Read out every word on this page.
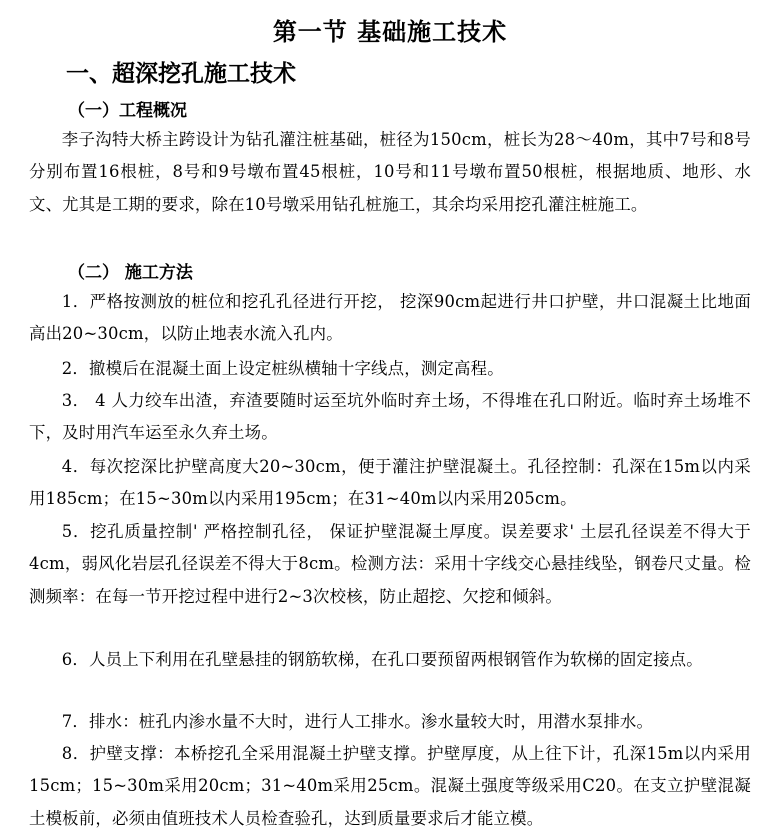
第一节 基础施工技术
一、超深挖孔施工技术
（一）工程概况

李子沟特大桥主跨设计为钻孔灌注桩基础，桩径为150cm，桩长为28～40m，其中7号和8号分别布置16根桩，8号和9号墩布置45根桩，10号和11号墩布置50根桩，根据地质、地形、水文、尤其是工期的要求，除在10号墩采用钻孔桩施工，其余均采用挖孔灌注桩施工。

（二） 施工方法

1．严格按测放的桩位和挖孔孔径进行开挖， 挖深90cm起进行井口护壁，井口混凝土比地面高出20~30cm，以防止地表水流入孔内。

2．撤模后在混凝土面上设定桩纵横轴十字线点，测定高程。

3． 4 人力绞车出渣，弃渣要随时运至坑外临时弃土场，不得堆在孔口附近。临时弃土场堆不下，及时用汽车运至永久弃土场。

4．每次挖深比护壁高度大20~30cm，便于灌注护壁混凝土。孔径控制：孔深在15m以内采用185cm；在15~30m以内采用195cm；在31~40m以内采用205cm。

5．挖孔质量控制' 严格控制孔径， 保证护壁混凝土厚度。误差要求' 土层孔径误差不得大于4cm，弱风化岩层孔径误差不得大于8cm。检测方法：采用十字线交心悬挂线坠，钢卷尺丈量。检测频率：在每一节开挖过程中进行2~3次校核，防止超挖、欠挖和倾斜。

6．人员上下利用在孔壁悬挂的钢筋软梯，在孔口要预留两根钢管作为软梯的固定接点。

7．排水：桩孔内渗水量不大时，进行人工排水。渗水量较大时，用潜水泵排水。

8．护壁支撑：本桥挖孔全采用混凝土护壁支撑。护壁厚度，从上往下计，孔深15m以内采用15cm；15~30m采用20cm；31~40m采用25cm。混凝土强度等级采用C20。在支立护壁混凝土模板前，必须由值班技术人员检查验孔，达到质量要求后才能立模。
